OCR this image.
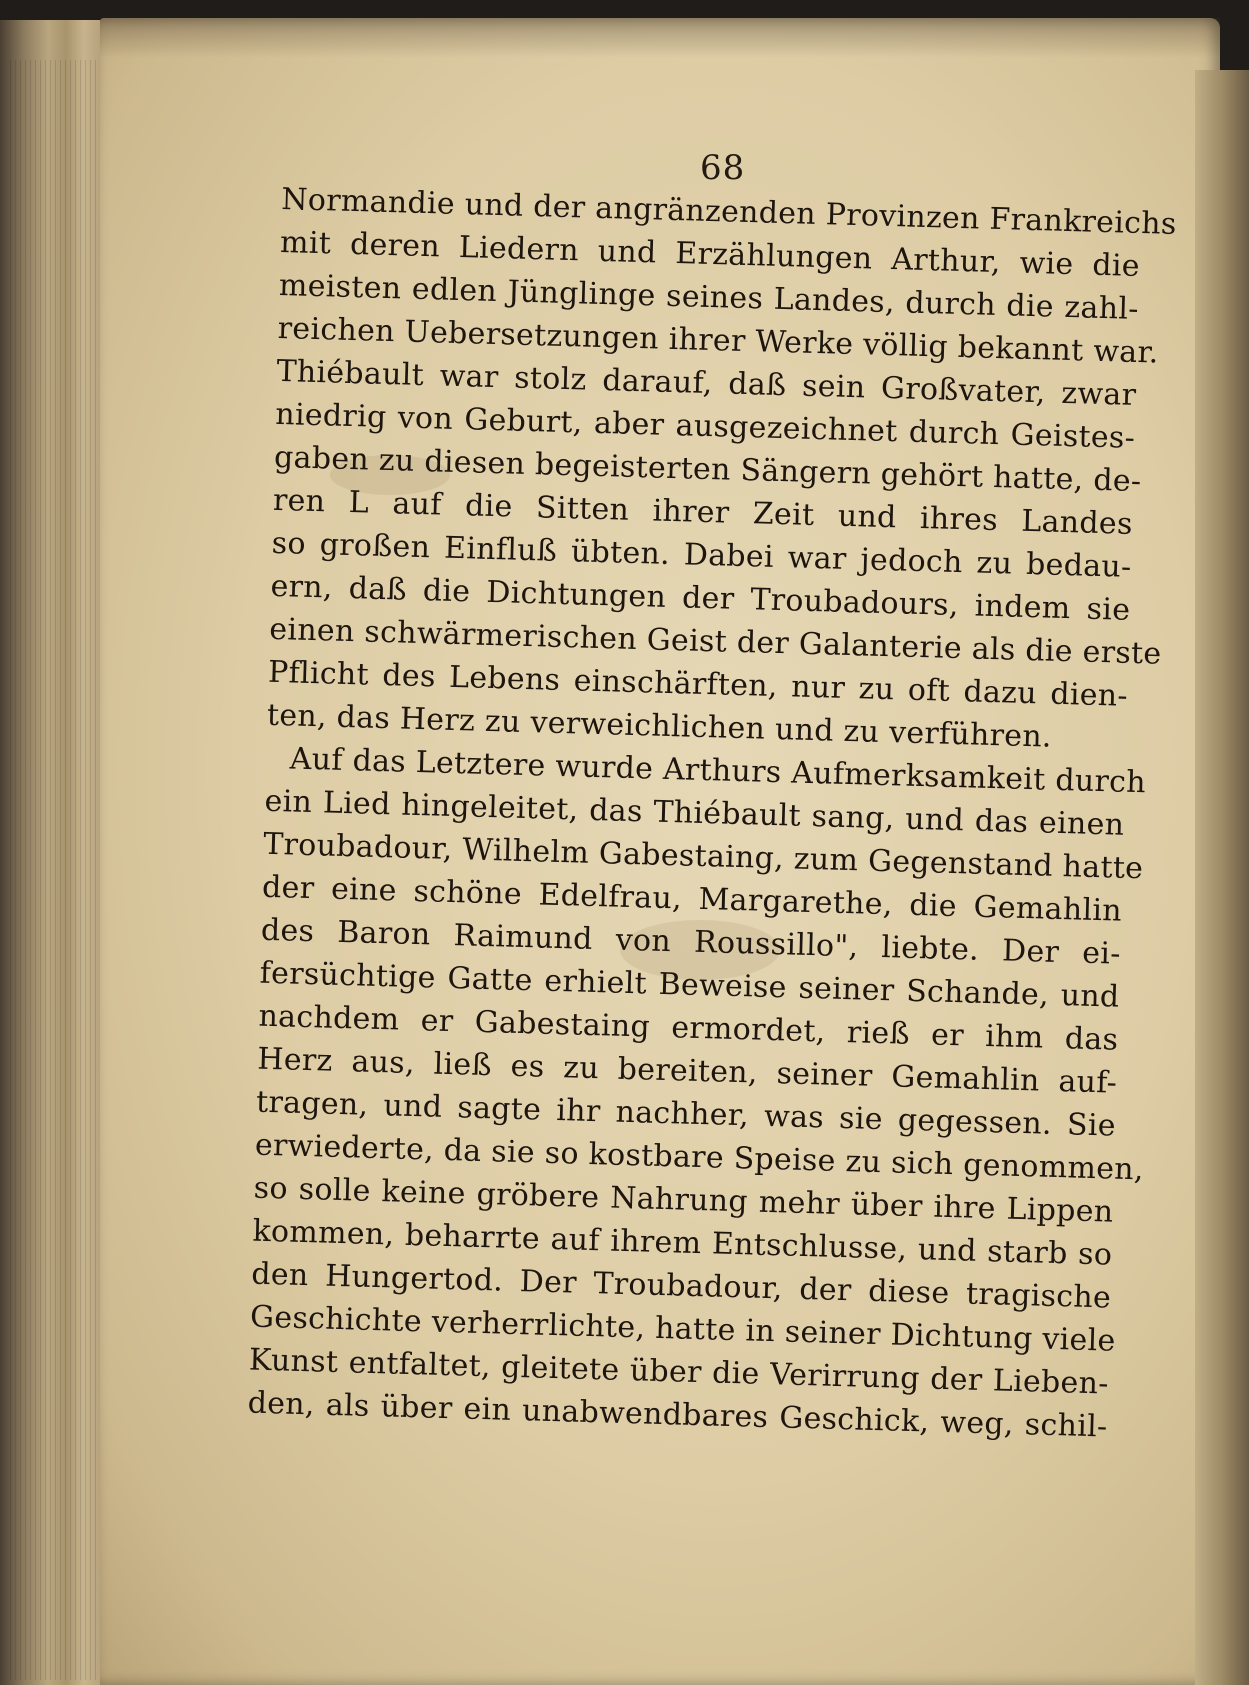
68
Normandie und der angränzenden Provinzen Frankreichs
mit deren Liedern und Erzählungen Arthur, wie die
meisten edlen Jünglinge seines Landes, durch die zahl-
reichen Uebersetzungen ihrer Werke völlig bekannt war.
Thiébault war stolz darauf, daß sein Großvater, zwar
niedrig von Geburt, aber ausgezeichnet durch Geistes-
gaben zu diesen begeisterten Sängern gehört hatte, de-
ren L auf die Sitten ihrer Zeit und ihres Landes
so großen Einfluß übten. Dabei war jedoch zu bedau-
ern, daß die Dichtungen der Troubadours, indem sie
einen schwärmerischen Geist der Galanterie als die erste
Pflicht des Lebens einschärften, nur zu oft dazu dien-
ten, das Herz zu verweichlichen und zu verführen.
Auf das Letztere wurde Arthurs Aufmerksamkeit durch
ein Lied hingeleitet, das Thiébault sang, und das einen
Troubadour, Wilhelm Gabestaing, zum Gegenstand hatte
der eine schöne Edelfrau, Margarethe, die Gemahlin
des Baron Raimund von Roussillo", liebte. Der ei-
fersüchtige Gatte erhielt Beweise seiner Schande, und
nachdem er Gabestaing ermordet, rieß er ihm das
Herz aus, ließ es zu bereiten, seiner Gemahlin auf-
tragen, und sagte ihr nachher, was sie gegessen. Sie
erwiederte, da sie so kostbare Speise zu sich genommen,
so solle keine gröbere Nahrung mehr über ihre Lippen
kommen, beharrte auf ihrem Entschlusse, und starb so
den Hungertod. Der Troubadour, der diese tragische
Geschichte verherrlichte, hatte in seiner Dichtung viele
Kunst entfaltet, gleitete über die Verirrung der Lieben-
den, als über ein unabwendbares Geschick, weg, schil-
